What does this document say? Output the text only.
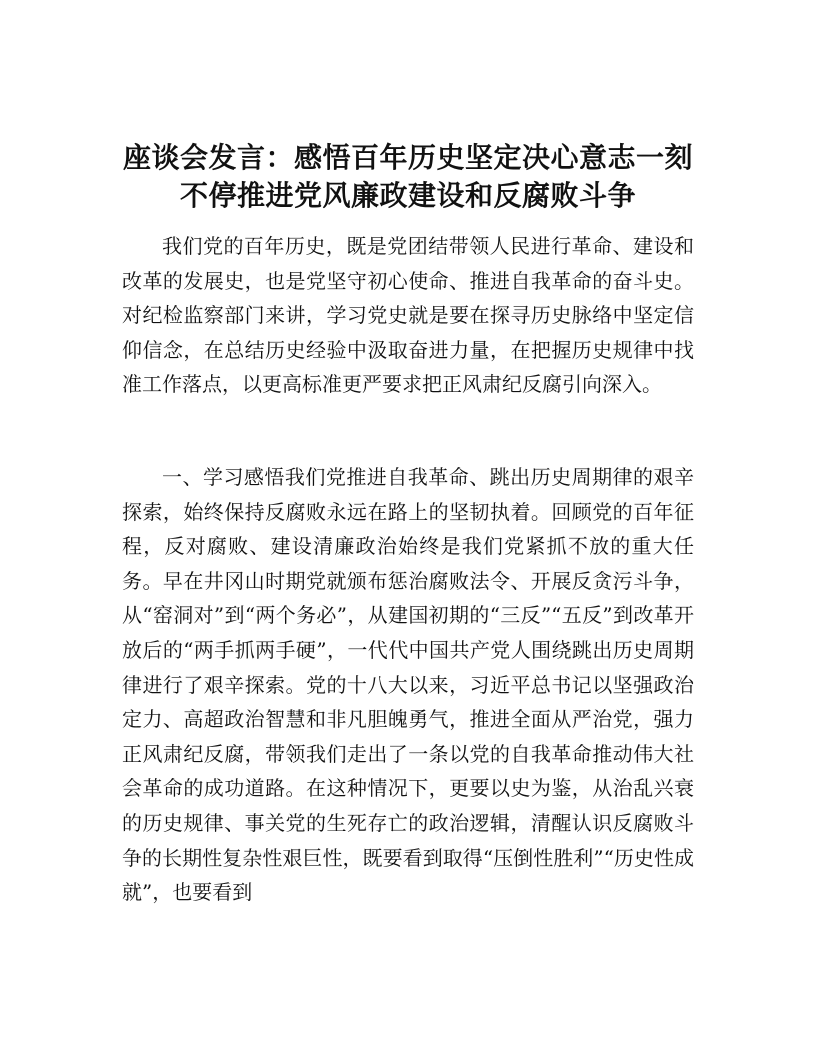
座谈会发言：感悟百年历史坚定决心意志一刻
不停推进党风廉政建设和反腐败斗争

我们党的百年历史，既是党团结带领人民进行革命、建设和改革的发展史，也是党坚守初心使命、推进自我革命的奋斗史。对纪检监察部门来讲，学习党史就是要在探寻历史脉络中坚定信仰信念，在总结历史经验中汲取奋进力量，在把握历史规律中找准工作落点，以更高标准更严要求把正风肃纪反腐引向深入。

一、学习感悟我们党推进自我革命、跳出历史周期律的艰辛探索，始终保持反腐败永远在路上的坚韧执着。回顾党的百年征程，反对腐败、建设清廉政治始终是我们党紧抓不放的重大任务。早在井冈山时期党就颁布惩治腐败法令、开展反贪污斗争，从“窑洞对”到“两个务必”，从建国初期的“三反”“五反”到改革开放后的“两手抓两手硬”，一代代中国共产党人围绕跳出历史周期律进行了艰辛探索。党的十八大以来，习近平总书记以坚强政治定力、高超政治智慧和非凡胆魄勇气，推进全面从严治党，强力正风肃纪反腐，带领我们走出了一条以党的自我革命推动伟大社会革命的成功道路。在这种情况下，更要以史为鉴，从治乱兴衰的历史规律、事关党的生死存亡的政治逻辑，清醒认识反腐败斗争的长期性复杂性艰巨性，既要看到取得“压倒性胜利”“历史性成就”，也要看到
